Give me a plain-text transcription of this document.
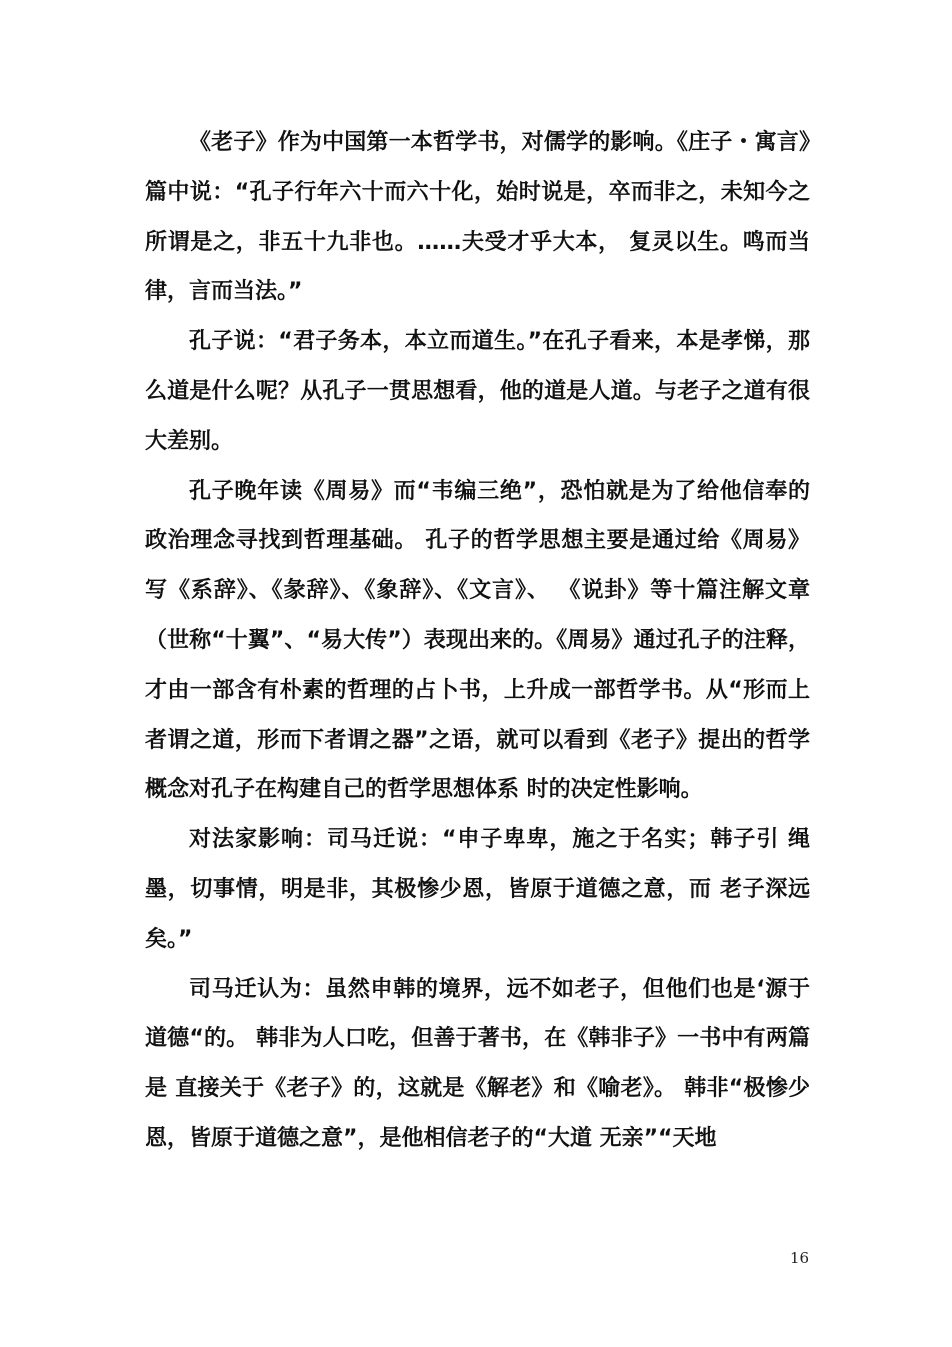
《老子》作为中国第一本哲学书，对儒学的影响。《庄子・寓言》篇中说：“孔子行年六十而六十化，始时说是，卒而非之，未知今之所谓是之，非五十九非也。……夫受才乎大本， 复灵以生。鸣而当律，言而当法。”

孔子说：“君子务本，本立而道生。”在孔子看来，本是孝悌，那么道是什么呢？从孔子一贯思想看，他的道是人道。与老子之道有很大差别。

孔子晚年读《周易》而“韦编三绝”，恐怕就是为了给他信奉的政治理念寻找到哲理基础。 孔子的哲学思想主要是通过给《周易》写《系辞》、《彖辞》、《象辞》、《文言》、 《说卦》等十篇注解文章（世称“十翼”、“易大传”）表现出来的。《周易》通过孔子的注释，才由一部含有朴素的哲理的占卜书，上升成一部哲学书。从“形而上者谓之道，形而下者谓之器”之语，就可以看到《老子》提出的哲学概念对孔子在构建自己的哲学思想体系 时的决定性影响。

对法家影响：司马迁说：“申子卑卑，施之于名实；韩子引 绳墨，切事情，明是非，其极惨少恩，皆原于道德之意，而 老子深远矣。”

司马迁认为：虽然申韩的境界，远不如老子，但他们也是‘源于道德“的。 韩非为人口吃，但善于著书，在《韩非子》一书中有两篇是 直接关于《老子》的，这就是《解老》和《喻老》。 韩非“极惨少恩，皆原于道德之意”，是他相信老子的“大道 无亲”“天地

16
